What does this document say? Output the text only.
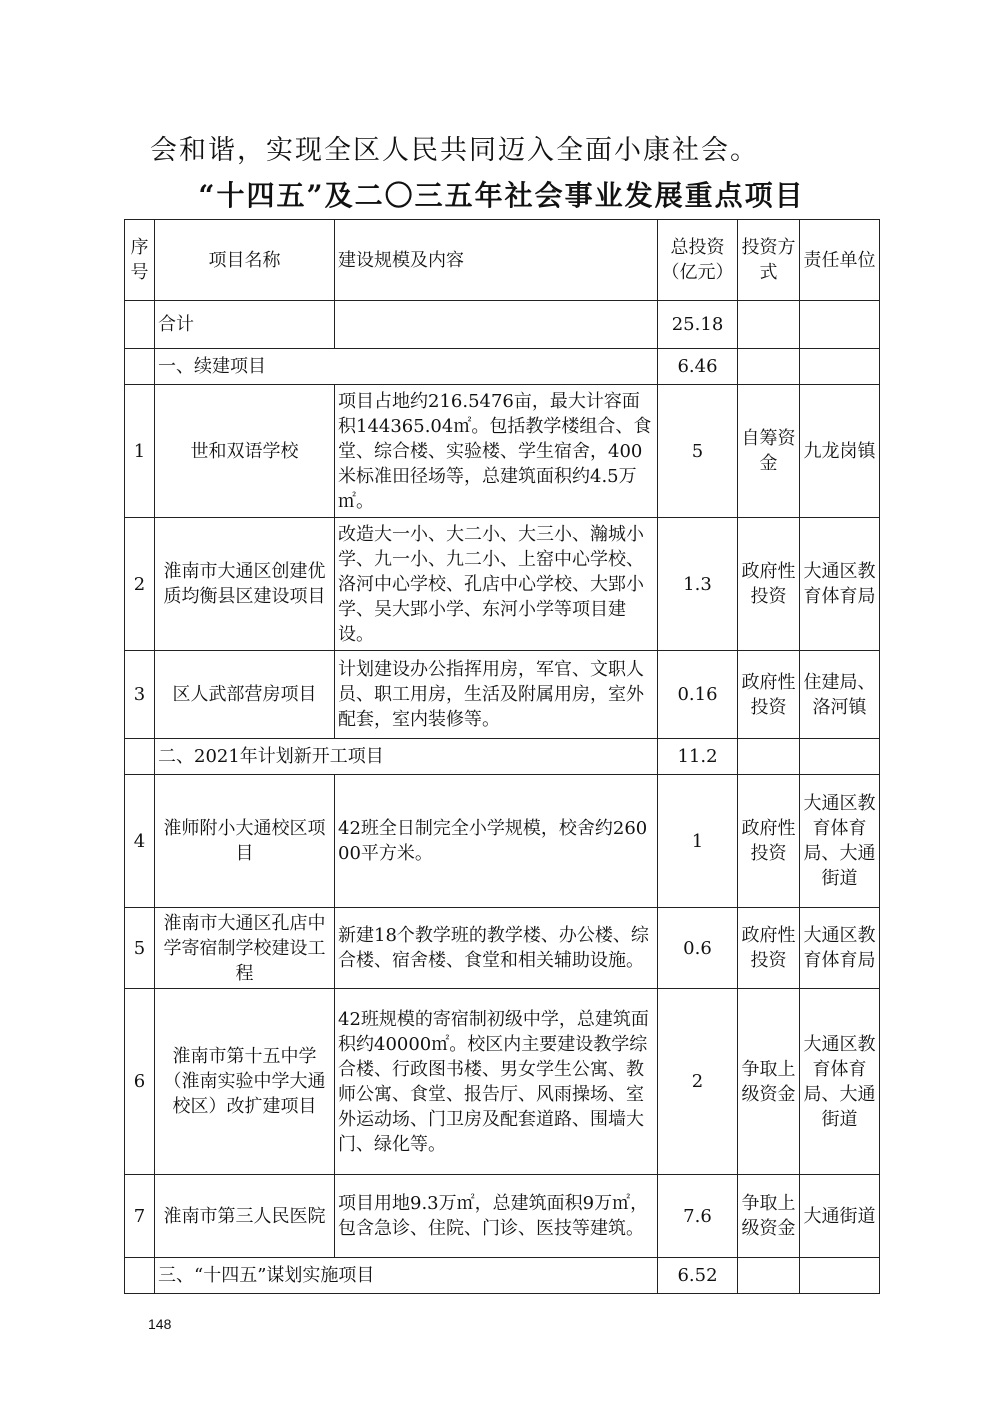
会和谐，实现全区人民共同迈入全面小康社会。

“十四五”及二〇三五年社会事业发展重点项目
序号	项目名称	建设规模及内容	总投资（亿元）	投资方式	责任单位
	合计		25.18		
	一、续建项目		6.46		
1	世和双语学校	项目占地约216.5476亩，最大计容面积144365.04㎡。包括教学楼组合、食堂、综合楼、实验楼、学生宿舍，400米标准田径场等，总建筑面积约4.5万㎡。	5	自筹资金	九龙岗镇
2	淮南市大通区创建优质均衡县区建设项目	改造大一小、大二小、大三小、瀚城小学、九一小、九二小、上窑中心学校、洛河中心学校、孔店中心学校、大郢小学、吴大郢小学、东河小学等项目建设。	1.3	政府性投资	大通区教育体育局
3	区人武部营房项目	计划建设办公指挥用房，军官、文职人员、职工用房，生活及附属用房，室外配套，室内装修等。	0.16	政府性投资	住建局、洛河镇
	二、2021年计划新开工项目		11.2		
4	淮师附小大通校区项目	42班全日制完全小学规模，校舍约26000平方米。	1	政府性投资	大通区教育体育局、大通街道
5	淮南市大通区孔店中学寄宿制学校建设工程	新建18个教学班的教学楼、办公楼、综合楼、宿舍楼、食堂和相关辅助设施。	0.6	政府性投资	大通区教育体育局
6	淮南市第十五中学（淮南实验中学大通校区）改扩建项目	42班规模的寄宿制初级中学，总建筑面积约40000㎡。校区内主要建设教学综合楼、行政图书楼、男女学生公寓、教师公寓、食堂、报告厅、风雨操场、室外运动场、门卫房及配套道路、围墙大门、绿化等。	2	争取上级资金	大通区教育体育局、大通街道
7	淮南市第三人民医院	项目用地9.3万㎡，总建筑面积9万㎡，包含急诊、住院、门诊、医技等建筑。	7.6	争取上级资金	大通街道
	三、“十四五”谋划实施项目		6.52		

148
